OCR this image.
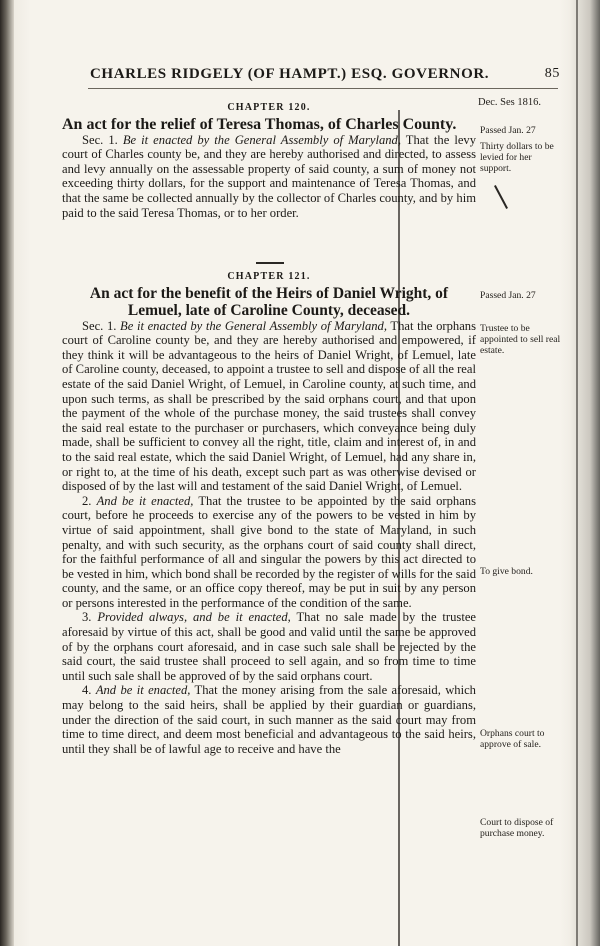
CHARLES RIDGELY (OF HAMPT.) ESQ. GOVERNOR.	85
Dec. Ses 1816.
CHAPTER 120.
An act for the relief of Teresa Thomas, of Charles County.

Sec. 1. Be it enacted by the General Assembly of Maryland, That the levy court of Charles county be, and they are hereby authorised and directed, to assess and levy annually on the assessable property of said county, a sum of money not exceeding thirty dollars, for the support and maintenance of Teresa Thomas, and that the same be collected annually by the collector of Charles county, and by him paid to the said Teresa Thomas, or to her order.

Passed Jan. 27
Thirty dollars to be levied for her support.
CHAPTER 121.
An act for the benefit of the Heirs of Daniel Wright, of Lemuel, late of Caroline County, deceased.

Sec. 1. Be it enacted by the General Assembly of Maryland, That the orphans court of Caroline county be, and they are hereby authorised and empowered, if they think it will be advantageous to the heirs of Daniel Wright, of Lemuel, late of Caroline county, deceased, to appoint a trustee to sell and dispose of all the real estate of the said Daniel Wright, of Lemuel, in Caroline county, at such time, and upon such terms, as shall be prescribed by the said orphans court, and that upon the payment of the whole of the purchase money, the said trustees shall convey the said real estate to the purchaser or purchasers, which conveyance being duly made, shall be sufficient to convey all the right, title, claim and interest of, in and to the said real estate, which the said Daniel Wright, of Lemuel, had any share in, or right to, at the time of his death, except such part as was otherwise devised or disposed of by the last will and testament of the said Daniel Wright, of Lemuel.

2. And be it enacted, That the trustee to be appointed by the said orphans court, before he proceeds to exercise any of the powers to be vested in him by virtue of said appointment, shall give bond to the state of Maryland, in such penalty, and with such security, as the orphans court of said county shall direct, for the faithful performance of all and singular the powers by this act directed to be vested in him, which bond shall be recorded by the register of wills for the said county, and the same, or an office copy thereof, may be put in suit by any person or persons interested in the performance of the condition of the same.

3. Provided always, and be it enacted, That no sale made by the trustee aforesaid by virtue of this act, shall be good and valid until the same be approved of by the orphans court aforesaid, and in case such sale shall be rejected by the said court, the said trustee shall proceed to sell again, and so from time to time until such sale shall be approved of by the said orphans court.

4. And be it enacted, That the money arising from the sale aforesaid, which may belong to the said heirs, shall be applied by their guardian or guardians, under the direction of the said court, in such manner as the said court may from time to time direct, and deem most beneficial and advantageous to the said heirs, until they shall be of lawful age to receive and have the

Passed Jan. 27
Trustee to be appointed to sell real estate.
To give bond.
Orphans court to approve of sale.
Court to dispose of purchase money.
